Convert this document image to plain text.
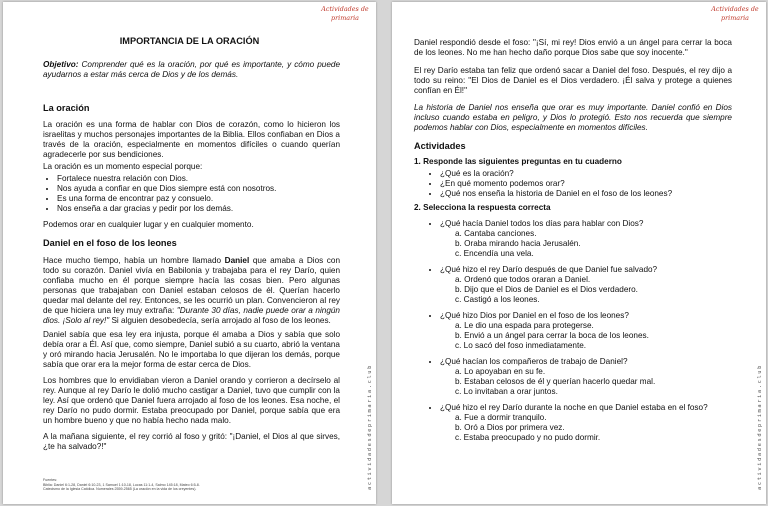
Actividades de
primaria
actividadesdeprimaria.club
IMPORTANCIA DE LA ORACIÓN

Objetivo: Comprender qué es la oración, por qué es importante, y cómo puede ayudarnos a estar más cerca de Dios y de los demás.

La oración

La oración es una forma de hablar con Dios de corazón, como lo hicieron los israelitas y muchos personajes importantes de la Biblia. Ellos confiaban en Dios a través de la oración, especialmente en momentos difíciles o cuando querían agradecerle por sus bendiciones.

La oración es un momento especial porque:

• Fortalece nuestra relación con Dios.
• Nos ayuda a confiar en que Dios siempre está con nosotros.
• Es una forma de encontrar paz y consuelo.
• Nos enseña a dar gracias y pedir por los demás.

Podemos orar en cualquier lugar y en cualquier momento.

Daniel en el foso de los leones

Hace mucho tiempo, había un hombre llamado Daniel que amaba a Dios con todo su corazón. Daniel vivía en Babilonia y trabajaba para el rey Darío, quien confiaba mucho en él porque siempre hacía las cosas bien. Pero algunas personas que trabajaban con Daniel estaban celosos de él. Querían hacerlo quedar mal delante del rey. Entonces, se les ocurrió un plan. Convencieron al rey de que hiciera una ley muy extraña: "Durante 30 días, nadie puede orar a ningún dios. ¡Solo al rey!" Si alguien desobedecía, sería arrojado al foso de los leones.

Daniel sabía que esa ley era injusta, porque él amaba a Dios y sabía que solo debía orar a Él. Así que, como siempre, Daniel subió a su cuarto, abrió la ventana y oró mirando hacia Jerusalén. No le importaba lo que dijeran los demás, porque sabía que orar era la mejor forma de estar cerca de Dios.

Los hombres que lo envidiaban vieron a Daniel orando y corrieron a decírselo al rey. Aunque al rey Darío le dolió mucho castigar a Daniel, tuvo que cumplir con la ley. Así que ordenó que Daniel fuera arrojado al foso de los leones. Esa noche, el rey Darío no pudo dormir. Estaba preocupado por Daniel, porque sabía que era un hombre bueno y que no había hecho nada malo.

A la mañana siguiente, el rey corrió al foso y gritó: "¡Daniel, el Dios al que sirves, ¿te ha salvado?!"

Fuentes:
Biblia: Daniel 6:1-28, Daniel 6:10-23, 1 Samuel 1:10-18, Lucas 11:1-4, Salmo 145:18, Mateo 6:5-8.
Catecismo de la Iglesia Católica. Numerales 2559-2565 (La oración en la vida de los creyentes).
Actividades de
primaria
actividadesdeprimaria.club

Daniel respondió desde el foso: "¡Sí, mi rey! Dios envió a un ángel para cerrar la boca de los leones. No me han hecho daño porque Dios sabe que soy inocente."

El rey Darío estaba tan feliz que ordenó sacar a Daniel del foso. Después, el rey dijo a todo su reino: "El Dios de Daniel es el Dios verdadero. ¡Él salva y protege a quienes confían en Él!"

La historia de Daniel nos enseña que orar es muy importante. Daniel confió en Dios incluso cuando estaba en peligro, y Dios lo protegió. Esto nos recuerda que siempre podemos hablar con Dios, especialmente en momentos difíciles.

Actividades
1. Responde las siguientes preguntas en tu cuaderno
• ¿Qué es la oración?
• ¿En qué momento podemos orar?
• ¿Qué nos enseña la historia de Daniel en el foso de los leones?
2. Selecciona la respuesta correcta
• ¿Qué hacía Daniel todos los días para hablar con Dios?
a. Cantaba canciones.
b. Oraba mirando hacia Jerusalén.
c. Encendía una vela.
• ¿Qué hizo el rey Darío después de que Daniel fue salvado?
a. Ordenó que todos oraran a Daniel.
b. Dijo que el Dios de Daniel es el Dios verdadero.
c. Castigó a los leones.
• ¿Qué hizo Dios por Daniel en el foso de los leones?
a. Le dio una espada para protegerse.
b. Envió a un ángel para cerrar la boca de los leones.
c. Lo sacó del foso inmediatamente.
• ¿Qué hacían los compañeros de trabajo de Daniel?
a. Lo apoyaban en su fe.
b. Estaban celosos de él y querían hacerlo quedar mal.
c. Lo invitaban a orar juntos.
• ¿Qué hizo el rey Darío durante la noche en que Daniel estaba en el foso?
a. Fue a dormir tranquilo.
b. Oró a Dios por primera vez.
c. Estaba preocupado y no pudo dormir.
